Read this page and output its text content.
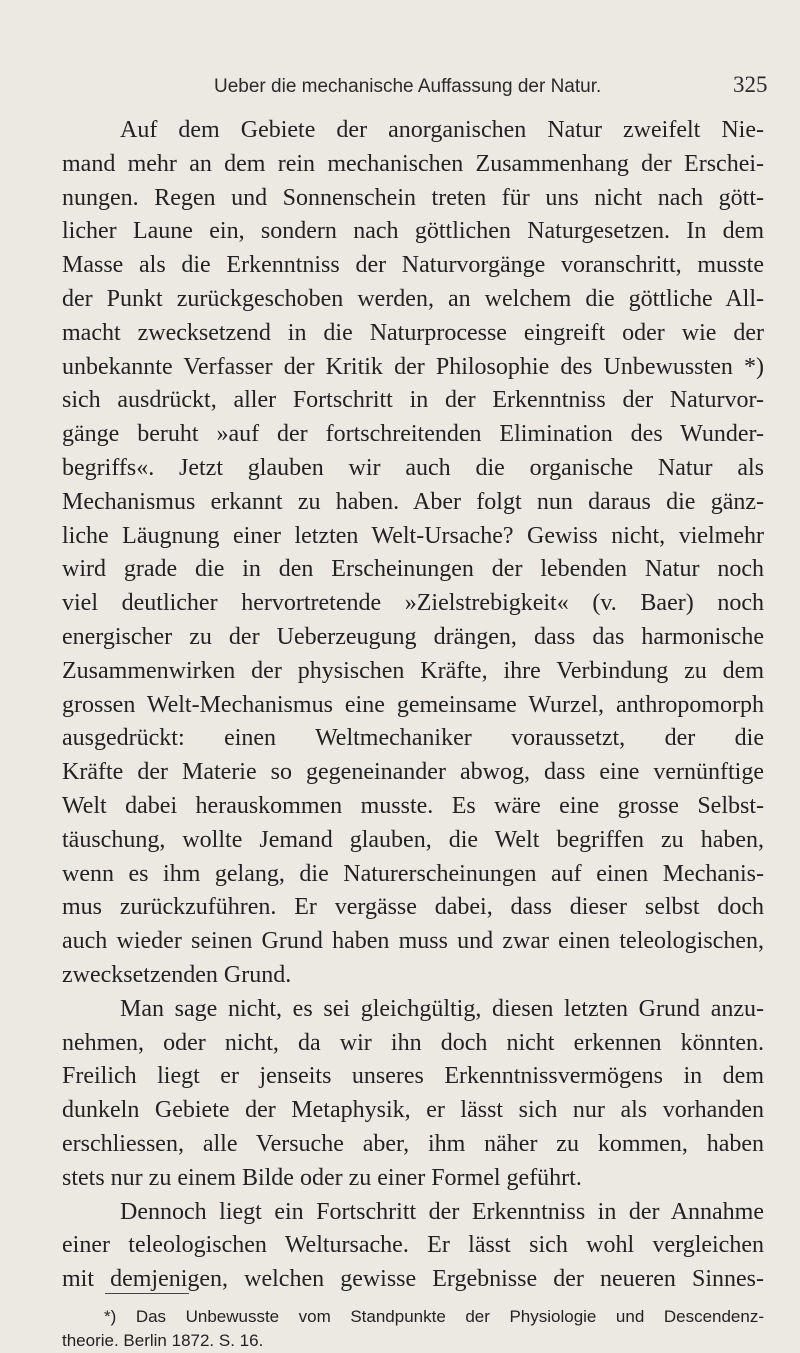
Ueber die mechanische Auffassung der Natur.	325
Auf dem Gebiete der anorganischen Natur zweifelt Nie-
mand mehr an dem rein mechanischen Zusammenhang der Erschei-
nungen. Regen und Sonnenschein treten für uns nicht nach gött-
licher Laune ein, sondern nach göttlichen Naturgesetzen. In dem
Masse als die Erkenntniss der Naturvorgänge voranschritt, musste
der Punkt zurückgeschoben werden, an welchem die göttliche All-
macht zwecksetzend in die Naturprocesse eingreift oder wie der
unbekannte Verfasser der Kritik der Philosophie des Unbewussten *)
sich ausdrückt, aller Fortschritt in der Erkenntniss der Naturvor-
gänge beruht »auf der fortschreitenden Elimination des Wunder-
begriffs«. Jetzt glauben wir auch die organische Natur als
Mechanismus erkannt zu haben. Aber folgt nun daraus die gänz-
liche Läugnung einer letzten Welt-Ursache? Gewiss nicht, vielmehr
wird grade die in den Erscheinungen der lebenden Natur noch
viel deutlicher hervortretende »Zielstrebigkeit« (v. Baer) noch
energischer zu der Ueberzeugung drängen, dass das harmonische
Zusammenwirken der physischen Kräfte, ihre Verbindung zu dem
grossen Welt-Mechanismus eine gemeinsame Wurzel, anthropomorph
ausgedrückt: einen Weltmechaniker voraussetzt, der die
Kräfte der Materie so gegeneinander abwog, dass eine vernünftige
Welt dabei herauskommen musste. Es wäre eine grosse Selbst-
täuschung, wollte Jemand glauben, die Welt begriffen zu haben,
wenn es ihm gelang, die Naturerscheinungen auf einen Mechanis-
mus zurückzuführen. Er vergässe dabei, dass dieser selbst doch
auch wieder seinen Grund haben muss und zwar einen teleologischen,
zwecksetzenden Grund.
Man sage nicht, es sei gleichgültig, diesen letzten Grund anzu-
nehmen, oder nicht, da wir ihn doch nicht erkennen könnten.
Freilich liegt er jenseits unseres Erkenntnissvermögens in dem
dunkeln Gebiete der Metaphysik, er lässt sich nur als vorhanden
erschliessen, alle Versuche aber, ihm näher zu kommen, haben
stets nur zu einem Bilde oder zu einer Formel geführt.
Dennoch liegt ein Fortschritt der Erkenntniss in der Annahme
einer teleologischen Weltursache. Er lässt sich wohl vergleichen
mit demjenigen, welchen gewisse Ergebnisse der neueren Sinnes-
*) Das Unbewusste vom Standpunkte der Physiologie und Descendenz-
theorie. Berlin 1872. S. 16.
